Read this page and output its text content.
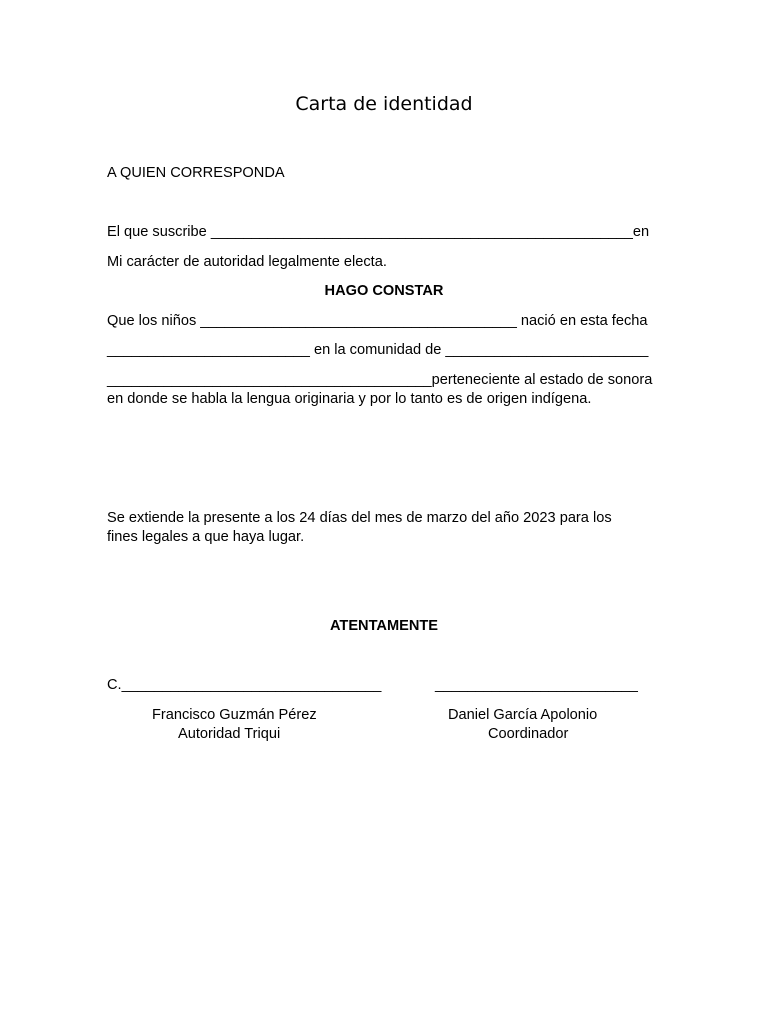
Carta de identidad
A QUIEN CORRESPONDA
El que suscribe ____________________________________________________en
Mi carácter de autoridad legalmente electa.
HAGO CONSTAR
Que los niños _______________________________________ nació en esta fecha
_________________________ en la comunidad de _________________________
________________________________________perteneciente al estado de sonora
en donde se habla la lengua originaria y por lo tanto es de origen indígena.
Se extiende la presente a los 24 días del mes de marzo del año 2023 para los
fines legales a que haya lugar.
ATENTAMENTE
C.________________________________	_________________________
Francisco Guzmán Pérez
Autoridad Triqui
Daniel García Apolonio
Coordinador
